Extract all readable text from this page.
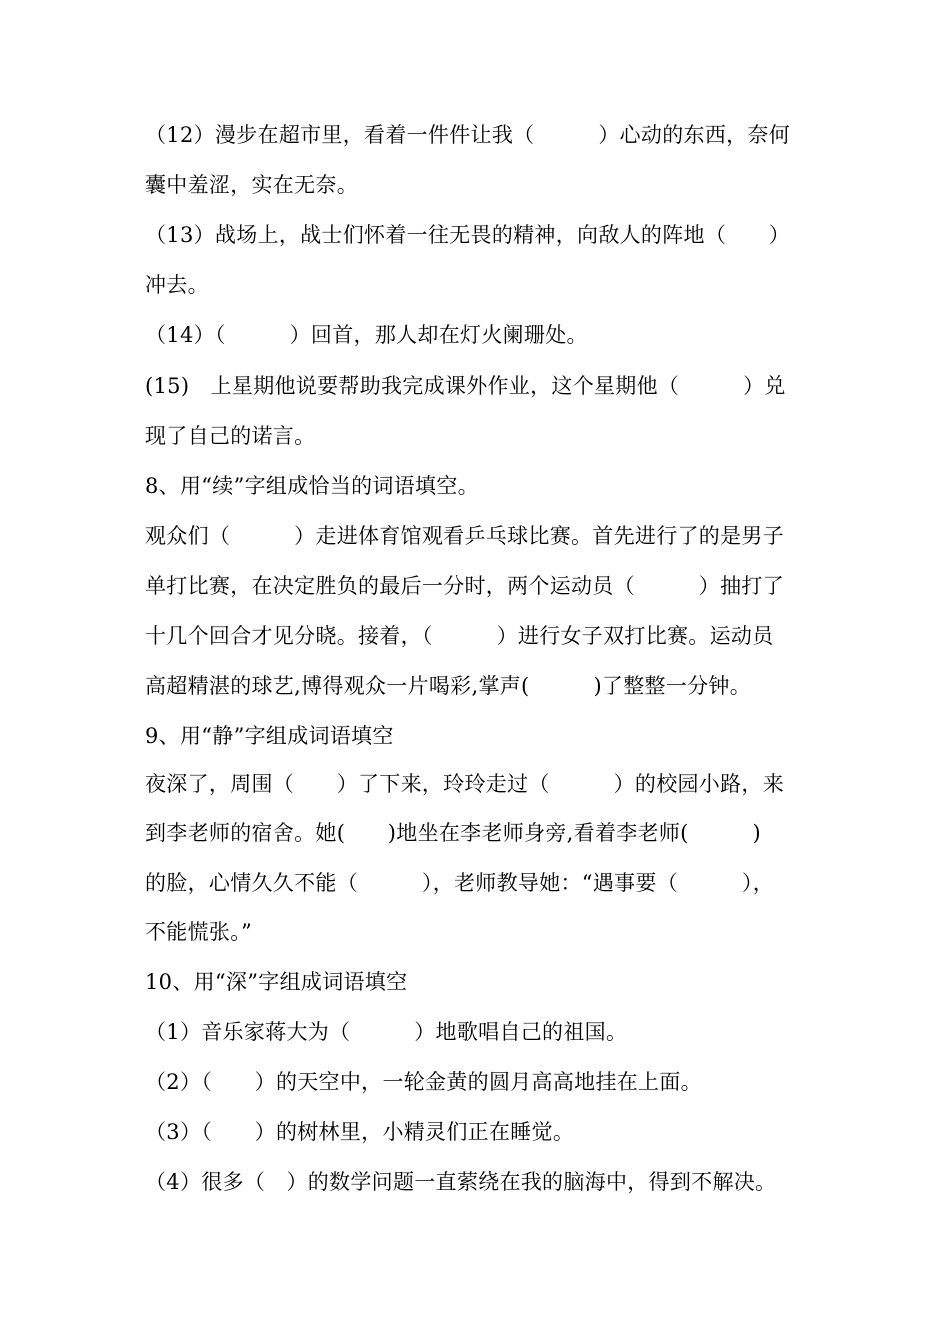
（12）漫步在超市里，看着一件件让我（　　　）心动的东西，奈何
囊中羞涩，实在无奈。
（13）战场上，战士们怀着一往无畏的精神，向敌人的阵地（　　）
冲去。
（14）（　　　）回首，那人却在灯火阑珊处。
(15)　上星期他说要帮助我完成课外作业，这个星期他（　　　）兑
现了自己的诺言。
8、用“续”字组成恰当的词语填空。
观众们（　　　）走进体育馆观看乒乓球比赛。首先进行了的是男子
单打比赛，在决定胜负的最后一分时，两个运动员（　　　）抽打了
十几个回合才见分晓。接着，（　　　）进行女子双打比赛。运动员
高超精湛的球艺,博得观众一片喝彩,掌声(　　　)了整整一分钟。
9、用“静”字组成词语填空
夜深了，周围（　　）了下来，玲玲走过（　　　）的校园小路，来
到李老师的宿舍。她(　　)地坐在李老师身旁,看着李老师(　　　)
的脸，心情久久不能（　　　），老师教导她：“遇事要（　　　），
不能慌张。”
10、用“深”字组成词语填空
（1）音乐家蒋大为（　　　）地歌唱自己的祖国。
（2）（　　）的天空中，一轮金黄的圆月高高地挂在上面。
（3）（　　）的树林里，小精灵们正在睡觉。
（4）很多（　）的数学问题一直萦绕在我的脑海中，得到不解决。
